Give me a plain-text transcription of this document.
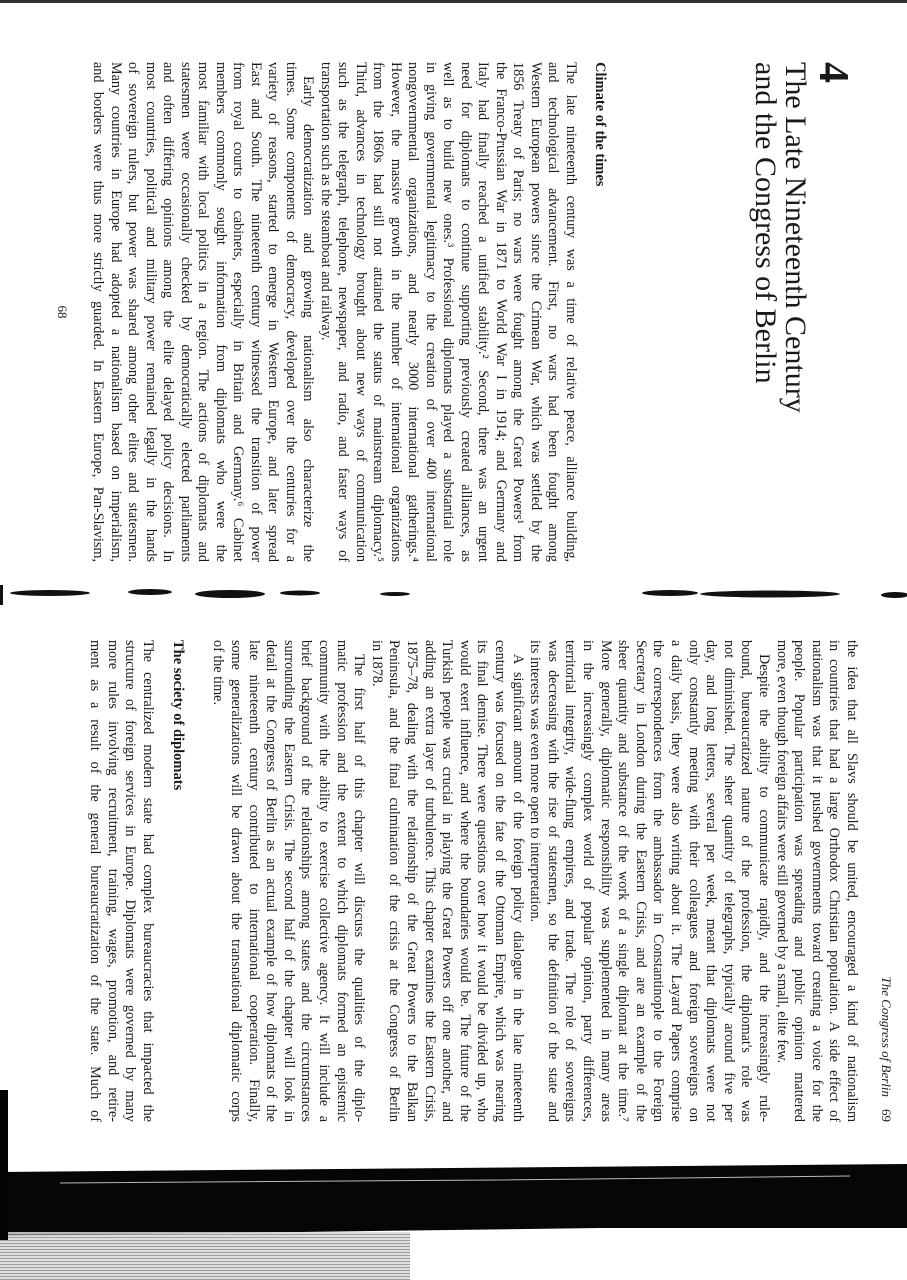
4
The Late Nineteenth Century
and the Congress of Berlin
Climate of the times
The late nineteenth century was a time of relative peace, alliance building,
and technological advancement. First, no wars had been fought among
Western European powers since the Crimean War, which was settled by the
1856 Treaty of Paris; no wars were fought among the Great Powers¹ from
the Franco-Prussian War in 1871 to World War I in 1914; and Germany and
Italy had finally reached a unified stability.² Second, there was an urgent
need for diplomats to continue supporting previously created alliances, as
well as to build new ones.³ Professional diplomats played a substantial role
in giving governmental legitimacy to the creation of over 400 international
nongovernmental organizations, and nearly 3000 international gatherings.⁴
However, the massive growth in the number of international organizations
from the 1860s had still not attained the status of mainstream diplomacy.⁵
Third, advances in technology brought about new ways of communication
such as the telegraph, telephone, newspaper, and radio, and faster ways of
transportation such as the steamboat and railway.
Early democratization and growing nationalism also characterize the
times. Some components of democracy, developed over the centuries for a
variety of reasons, started to emerge in Western Europe, and later spread
East and South. The nineteenth century witnessed the transition of power
from royal courts to cabinets, especially in Britain and Germany.⁶ Cabinet
members commonly sought information from diplomats who were the
most familiar with local politics in a region. The actions of diplomats and
statesmen were occasionally checked by democratically elected parliaments
and often differing opinions among the elite delayed policy decisions. In
most countries, political and military power remained legally in the hands
of sovereign rulers, but power was shared among other elites and statesmen.
Many countries in Europe had adopted a nationalism based on imperialism,
and borders were thus more strictly guarded. In Eastern Europe, Pan-Slavism,
68
The Congress of Berlin69
the idea that all Slavs should be united, encouraged a kind of nationalism
in countries that had a large Orthodox Christian population. A side effect of
nationalism was that it pushed governments toward creating a voice for the
people. Popular participation was spreading and public opinion mattered
more, even though foreign affairs were still governed by a small, elite few.
Despite the ability to communicate rapidly, and the increasingly rule-
bound, bureaucratized nature of the profession, the diplomat's role was
not diminished. The sheer quantity of telegraphs, typically around five per
day, and long letters, several per week, meant that diplomats were not
only constantly meeting with their colleagues and foreign sovereigns on
a daily basis, they were also writing about it. The Layard Papers comprise
the correspondences from the ambassador in Constantinople to the Foreign
Secretary in London during the Eastern Crisis, and are an example of the
sheer quantity and substance of the work of a single diplomat at the time.⁷
More generally, diplomatic responsibility was supplemented in many areas
in the increasingly complex world of popular opinion, party differences,
territorial integrity, wide-flung empires, and trade. The role of sovereigns
was decreasing with the rise of statesmen, so the definition of the state and
its interests was even more open to interpretation.
A significant amount of the foreign policy dialogue in the late nineteenth
century was focused on the fate of the Ottoman Empire, which was nearing
its final demise. There were questions over how it would be divided up, who
would exert influence, and where the boundaries would be. The future of the
Turkish people was crucial in playing the Great Powers off one another, and
adding an extra layer of turbulence. This chapter examines the Eastern Crisis,
1875–78, dealing with the relationship of the Great Powers to the Balkan
Peninsula, and the final culmination of the crisis at the Congress of Berlin
in 1878.
The first half of this chapter will discuss the qualities of the diplo-
matic profession and the extent to which diplomats formed an epistemic
community with the ability to exercise collective agency. It will include a
brief background of the relationships among states and the circumstances
surrounding the Eastern Crisis. The second half of the chapter will look in
detail at the Congress of Berlin as an actual example of how diplomats of the
late nineteenth century contributed to international cooperation. Finally,
some generalizations will be drawn about the transnational diplomatic corps
of the time.
The society of diplomats
The centralized modern state had complex bureaucracies that impacted the
structure of foreign services in Europe. Diplomats were governed by many
more rules involving recruitment, training, wages, promotion, and retire-
ment as a result of the general bureaucratization of the state. Much of
